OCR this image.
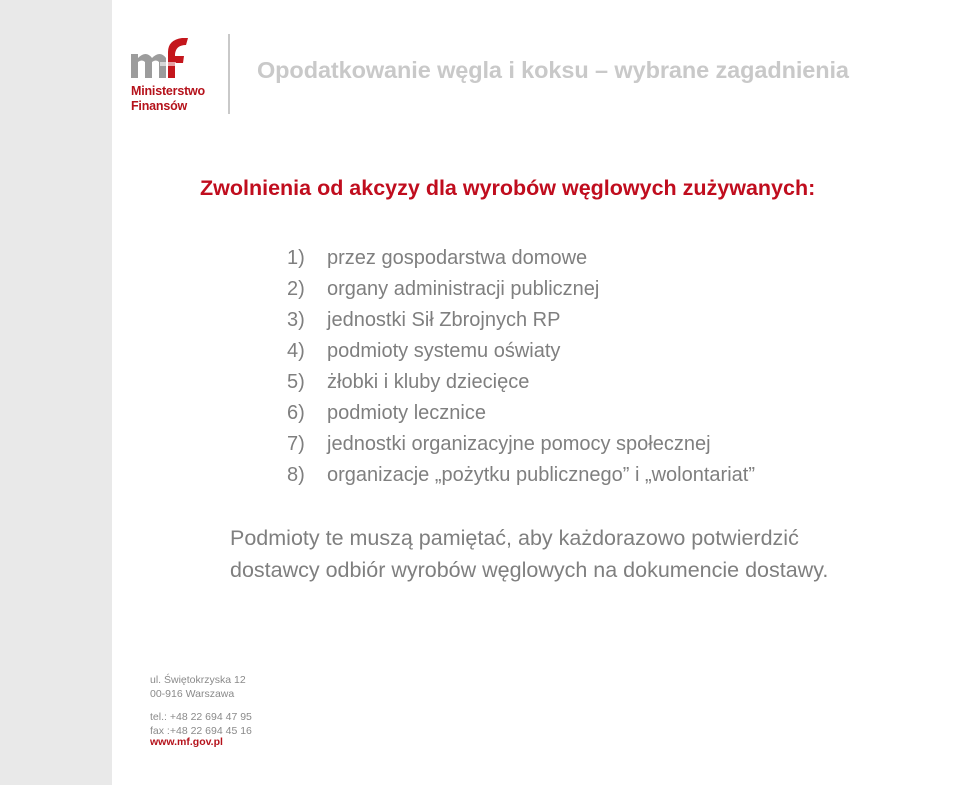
Ministerstwo
Finansów
Opodatkowanie węgla i koksu – wybrane zagadnienia
Zwolnienia od akcyzy dla wyrobów węglowych zużywanych:
1)	przez gospodarstwa domowe
2)	organy administracji publicznej
3)	jednostki Sił Zbrojnych RP
4)	podmioty systemu oświaty
5)	żłobki i kluby dziecięce
6)	podmioty lecznice
7)	jednostki organizacyjne pomocy społecznej
8)	organizacje „pożytku publicznego” i „wolontariat”
Podmioty te muszą pamiętać, aby każdorazowo potwierdzić
dostawcy odbiór wyrobów węglowych na dokumencie dostawy.
ul. Świętokrzyska 12
00-916 Warszawa
tel.: +48 22 694 47 95
fax :+48 22 694 45 16
www.mf.gov.pl
